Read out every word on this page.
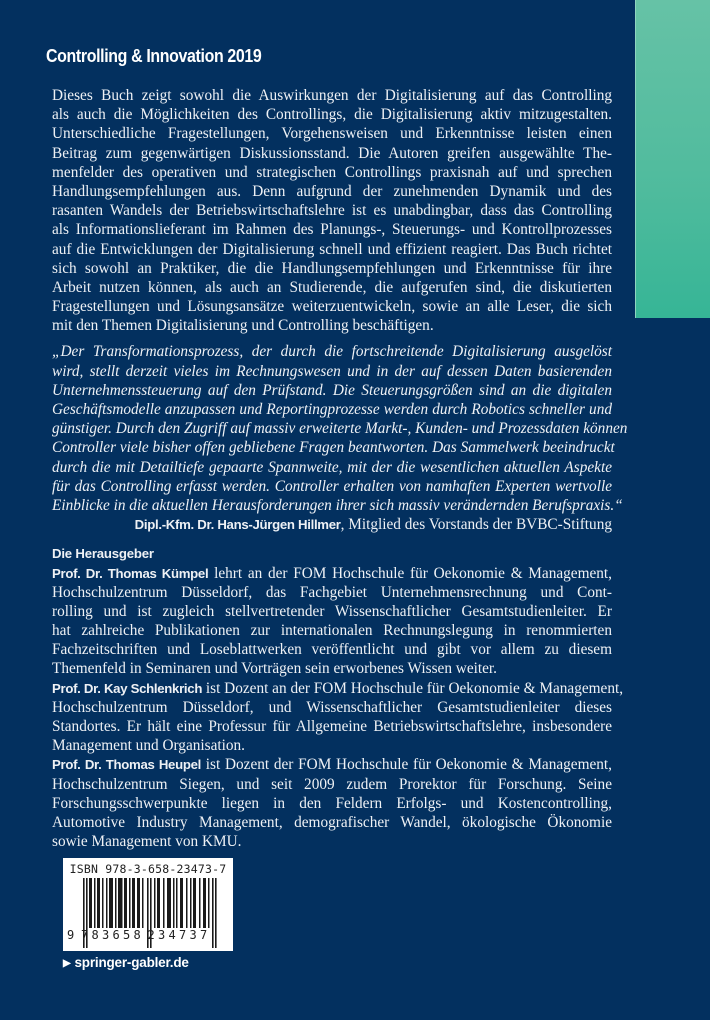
Controlling & Innovation 2019
Dieses Buch zeigt sowohl die Auswirkungen der Digitalisierung auf das Controlling
als auch die Möglichkeiten des Controllings, die Digitalisierung aktiv mitzugestalten.
Unterschiedliche Fragestellungen, Vorgehensweisen und Erkenntnisse leisten einen
Beitrag zum gegenwärtigen Diskussionsstand. Die Autoren greifen ausgewählte The-
menfelder des operativen und strategischen Controllings praxisnah auf und sprechen
Handlungsempfehlungen aus. Denn aufgrund der zunehmenden Dynamik und des
rasanten Wandels der Betriebswirtschaftslehre ist es unabdingbar, dass das Controlling
als Informationslieferant im Rahmen des Planungs-, Steuerungs- und Kontrollprozesses
auf die Entwicklungen der Digitalisierung schnell und effizient reagiert. Das Buch richtet
sich sowohl an Praktiker, die die Handlungsempfehlungen und Erkenntnisse für ihre
Arbeit nutzen können, als auch an Studierende, die aufgerufen sind, die diskutierten
Fragestellungen und Lösungsansätze weiterzuentwickeln, sowie an alle Leser, die sich
mit den Themen Digitalisierung und Controlling beschäftigen.
„Der Transformationsprozess, der durch die fortschreitende Digitalisierung ausgelöst
wird, stellt derzeit vieles im Rechnungswesen und in der auf dessen Daten basierenden
Unternehmenssteuerung auf den Prüfstand. Die Steuerungsgrößen sind an die digitalen
Geschäftsmodelle anzupassen und Reportingprozesse werden durch Robotics schneller und
günstiger. Durch den Zugriff auf massiv erweiterte Markt-, Kunden- und Prozessdaten können
Controller viele bisher offen gebliebene Fragen beantworten. Das Sammelwerk beeindruckt
durch die mit Detailtiefe gepaarte Spannweite, mit der die wesentlichen aktuellen Aspekte
für das Controlling erfasst werden. Controller erhalten von namhaften Experten wertvolle
Einblicke in die aktuellen Herausforderungen ihrer sich massiv verändernden Berufspraxis.“
Dipl.-Kfm. Dr. Hans-Jürgen Hillmer, Mitglied des Vorstands der BVBC-Stiftung
Die Herausgeber
Prof. Dr. Thomas Kümpel lehrt an der FOM Hochschule für Oekonomie & Management,
Hochschulzentrum Düsseldorf, das Fachgebiet Unternehmensrechnung und Cont-
rolling und ist zugleich stellvertretender Wissenschaftlicher Gesamtstudienleiter. Er
hat zahlreiche Publikationen zur internationalen Rechnungslegung in renommierten
Fachzeitschriften und Loseblattwerken veröffentlicht und gibt vor allem zu diesem
Themenfeld in Seminaren und Vorträgen sein erworbenes Wissen weiter.
Prof. Dr. Kay Schlenkrich ist Dozent an der FOM Hochschule für Oekonomie & Management,
Hochschulzentrum Düsseldorf, und Wissenschaftlicher Gesamtstudienleiter dieses
Standortes. Er hält eine Professur für Allgemeine Betriebswirtschaftslehre, insbesondere
Management und Organisation.
Prof. Dr. Thomas Heupel ist Dozent der FOM Hochschule für Oekonomie & Management,
Hochschulzentrum Siegen, und seit 2009 zudem Prorektor für Forschung. Seine
Forschungsschwerpunkte liegen in den Feldern Erfolgs- und Kostencontrolling,
Automotive Industry Management, demografischer Wandel, ökologische Ökonomie
sowie Management von KMU.
ISBN 978-3-658-23473-7
9 7 8 3 6 5 8 2 3 4 7 3 7
▶ springer-gabler.de
